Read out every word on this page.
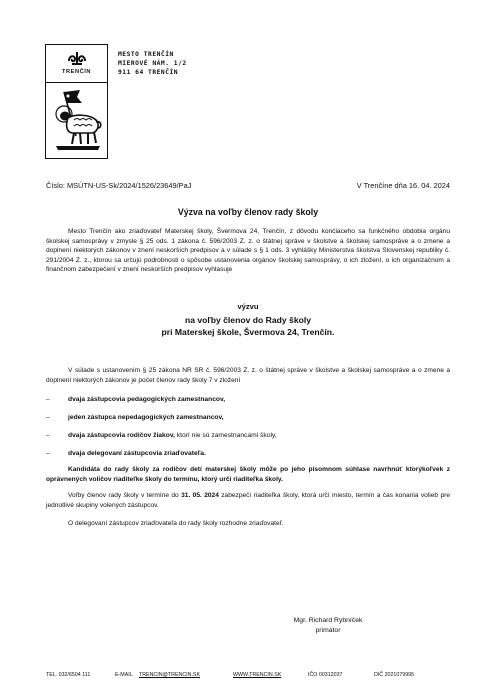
TRENČÍN
MESTO TRENČÍN
MIEROVÉ NÁM. 1/2
911 64 TRENČÍN
Číslo: MSÚTN-US-Sk/2024/1526/23649/PaJ	V Trenčíne dňa 16. 04. 2024
Výzva na voľby členov rady školy
Mesto Trenčín ako zriaďovateľ Materskej školy, Švermova 24, Trenčín, z dôvodu končiaceho sa funkčného obdobia orgánu školskej samosprávy v zmysle § 25 ods. 1 zákona č. 596/2003 Z. z. o štátnej správe v školstve a školskej samospráve a o zmene a doplnení niektorých zákonov v znení neskorších predpisov a v súlade s § 1 ods. 3 vyhlášky Ministerstva školstva Slovenskej republiky č. 291/2004 Z. z., ktorou sa určujú podrobnosti o spôsobe ustanovenia orgánov školskej samosprávy, o ich zložení, o ich organizačnom a finančnom zabezpečení v znení neskorších predpisov vyhlasuje
výzvu
na voľby členov do Rady školy
pri Materskej škole, Švermova 24, Trenčín.
V súlade s ustanovením § 25 zákona NR SR č. 596/2003 Z. z. o štátnej správe v školstve a školskej samospráve a o zmene a doplnení niektorých zákonov je počet členov rady školy 7 v zložení
–	dvaja zástupcovia pedagogických zamestnancov,
–	jeden zástupca nepedagogických zamestnancov,
–	dvaja zástupcovia rodičov žiakov, ktorí nie sú zamestnancami školy,
–	dvaja delegovaní zástupcovia zriaďovateľa.
Kandidáta do rady školy za rodičov detí materskej školy môže po jeho písomnom súhlase navrhnúť ktorýkoľvek z oprávnených voličov riaditeľke školy do termínu, ktorý určí riaditeľka školy.
Voľby členov rady školy v termíne do 31. 05. 2024 zabezpečí riaditeľka školy, ktorá určí miesto, termín a čas konania volieb pre jednotlivé skupiny volených zástupcov.
O delegovaní zástupcov zriaďovateľa do rady školy rozhodne zriaďovateľ.
Mgr. Richard Rybníček
primátor
TEL. 032/6504 111	E-MAIL TRENCIN@TRENCIN.SK	WWW.TRENCIN.SK	IČO 00312037	DIČ 2021079995
